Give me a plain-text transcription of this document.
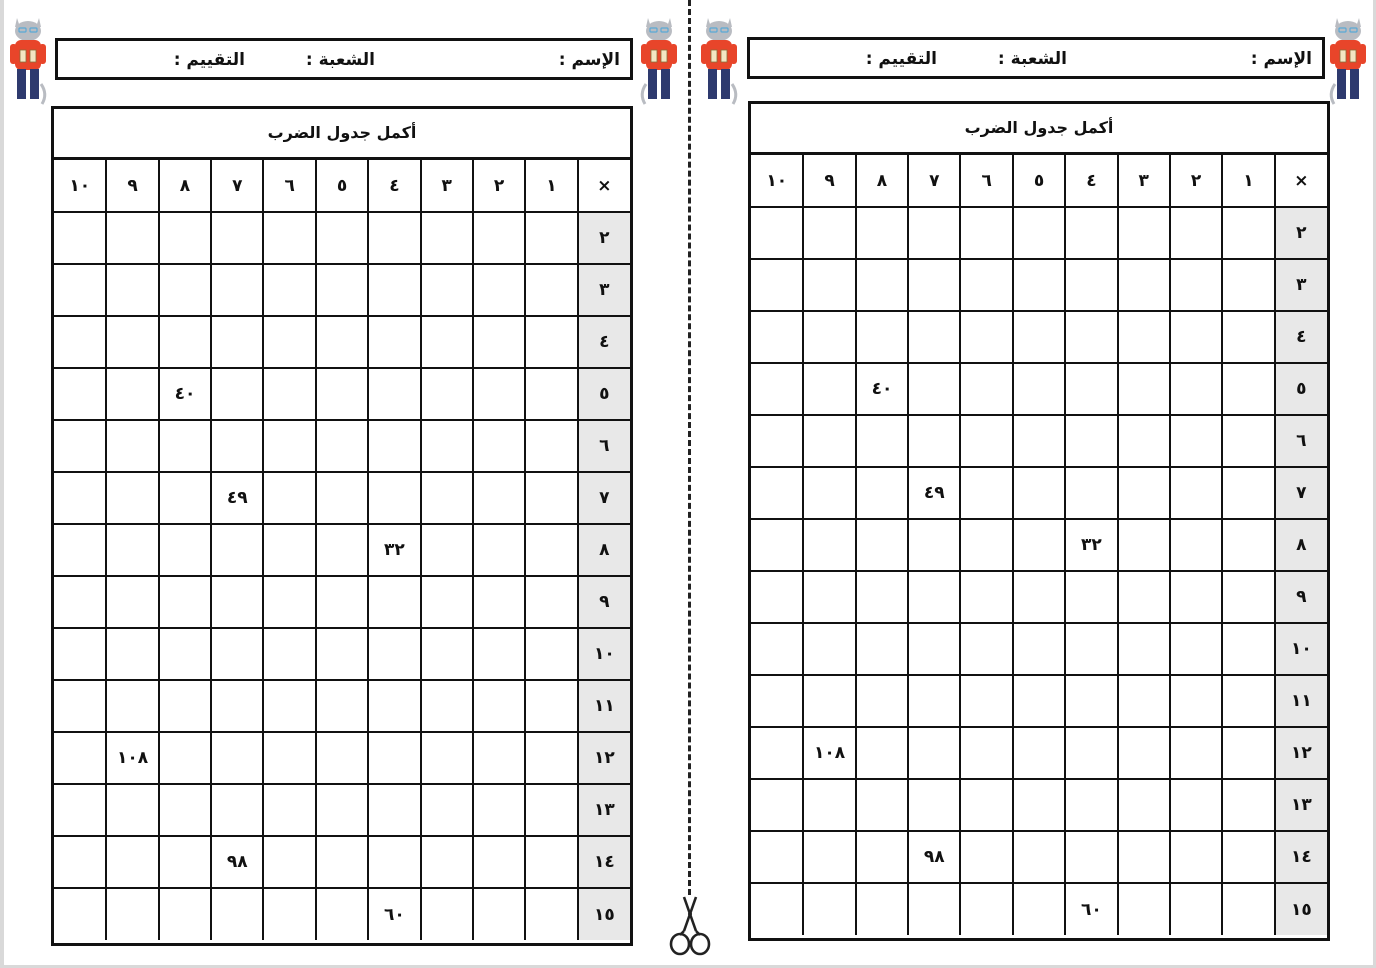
الإسم :
الشعبة :
التقييم :
أكمل جدول الضرب
×	١	٢	٣	٤	٥	٦	٧	٨	٩	١٠
٢										
٣										
٤										
٥								٤٠		
٦										
٧							٤٩			
٨				٣٢						
٩										
١٠										
١١										
١٢									١٠٨	
١٣										
١٤							٩٨			
١٥				٦٠						
الإسم :
الشعبة :
التقييم :
أكمل جدول الضرب
×	١	٢	٣	٤	٥	٦	٧	٨	٩	١٠
٢										
٣										
٤										
٥								٤٠		
٦										
٧							٤٩			
٨				٣٢						
٩										
١٠										
١١										
١٢									١٠٨	
١٣										
١٤							٩٨			
١٥				٦٠						
